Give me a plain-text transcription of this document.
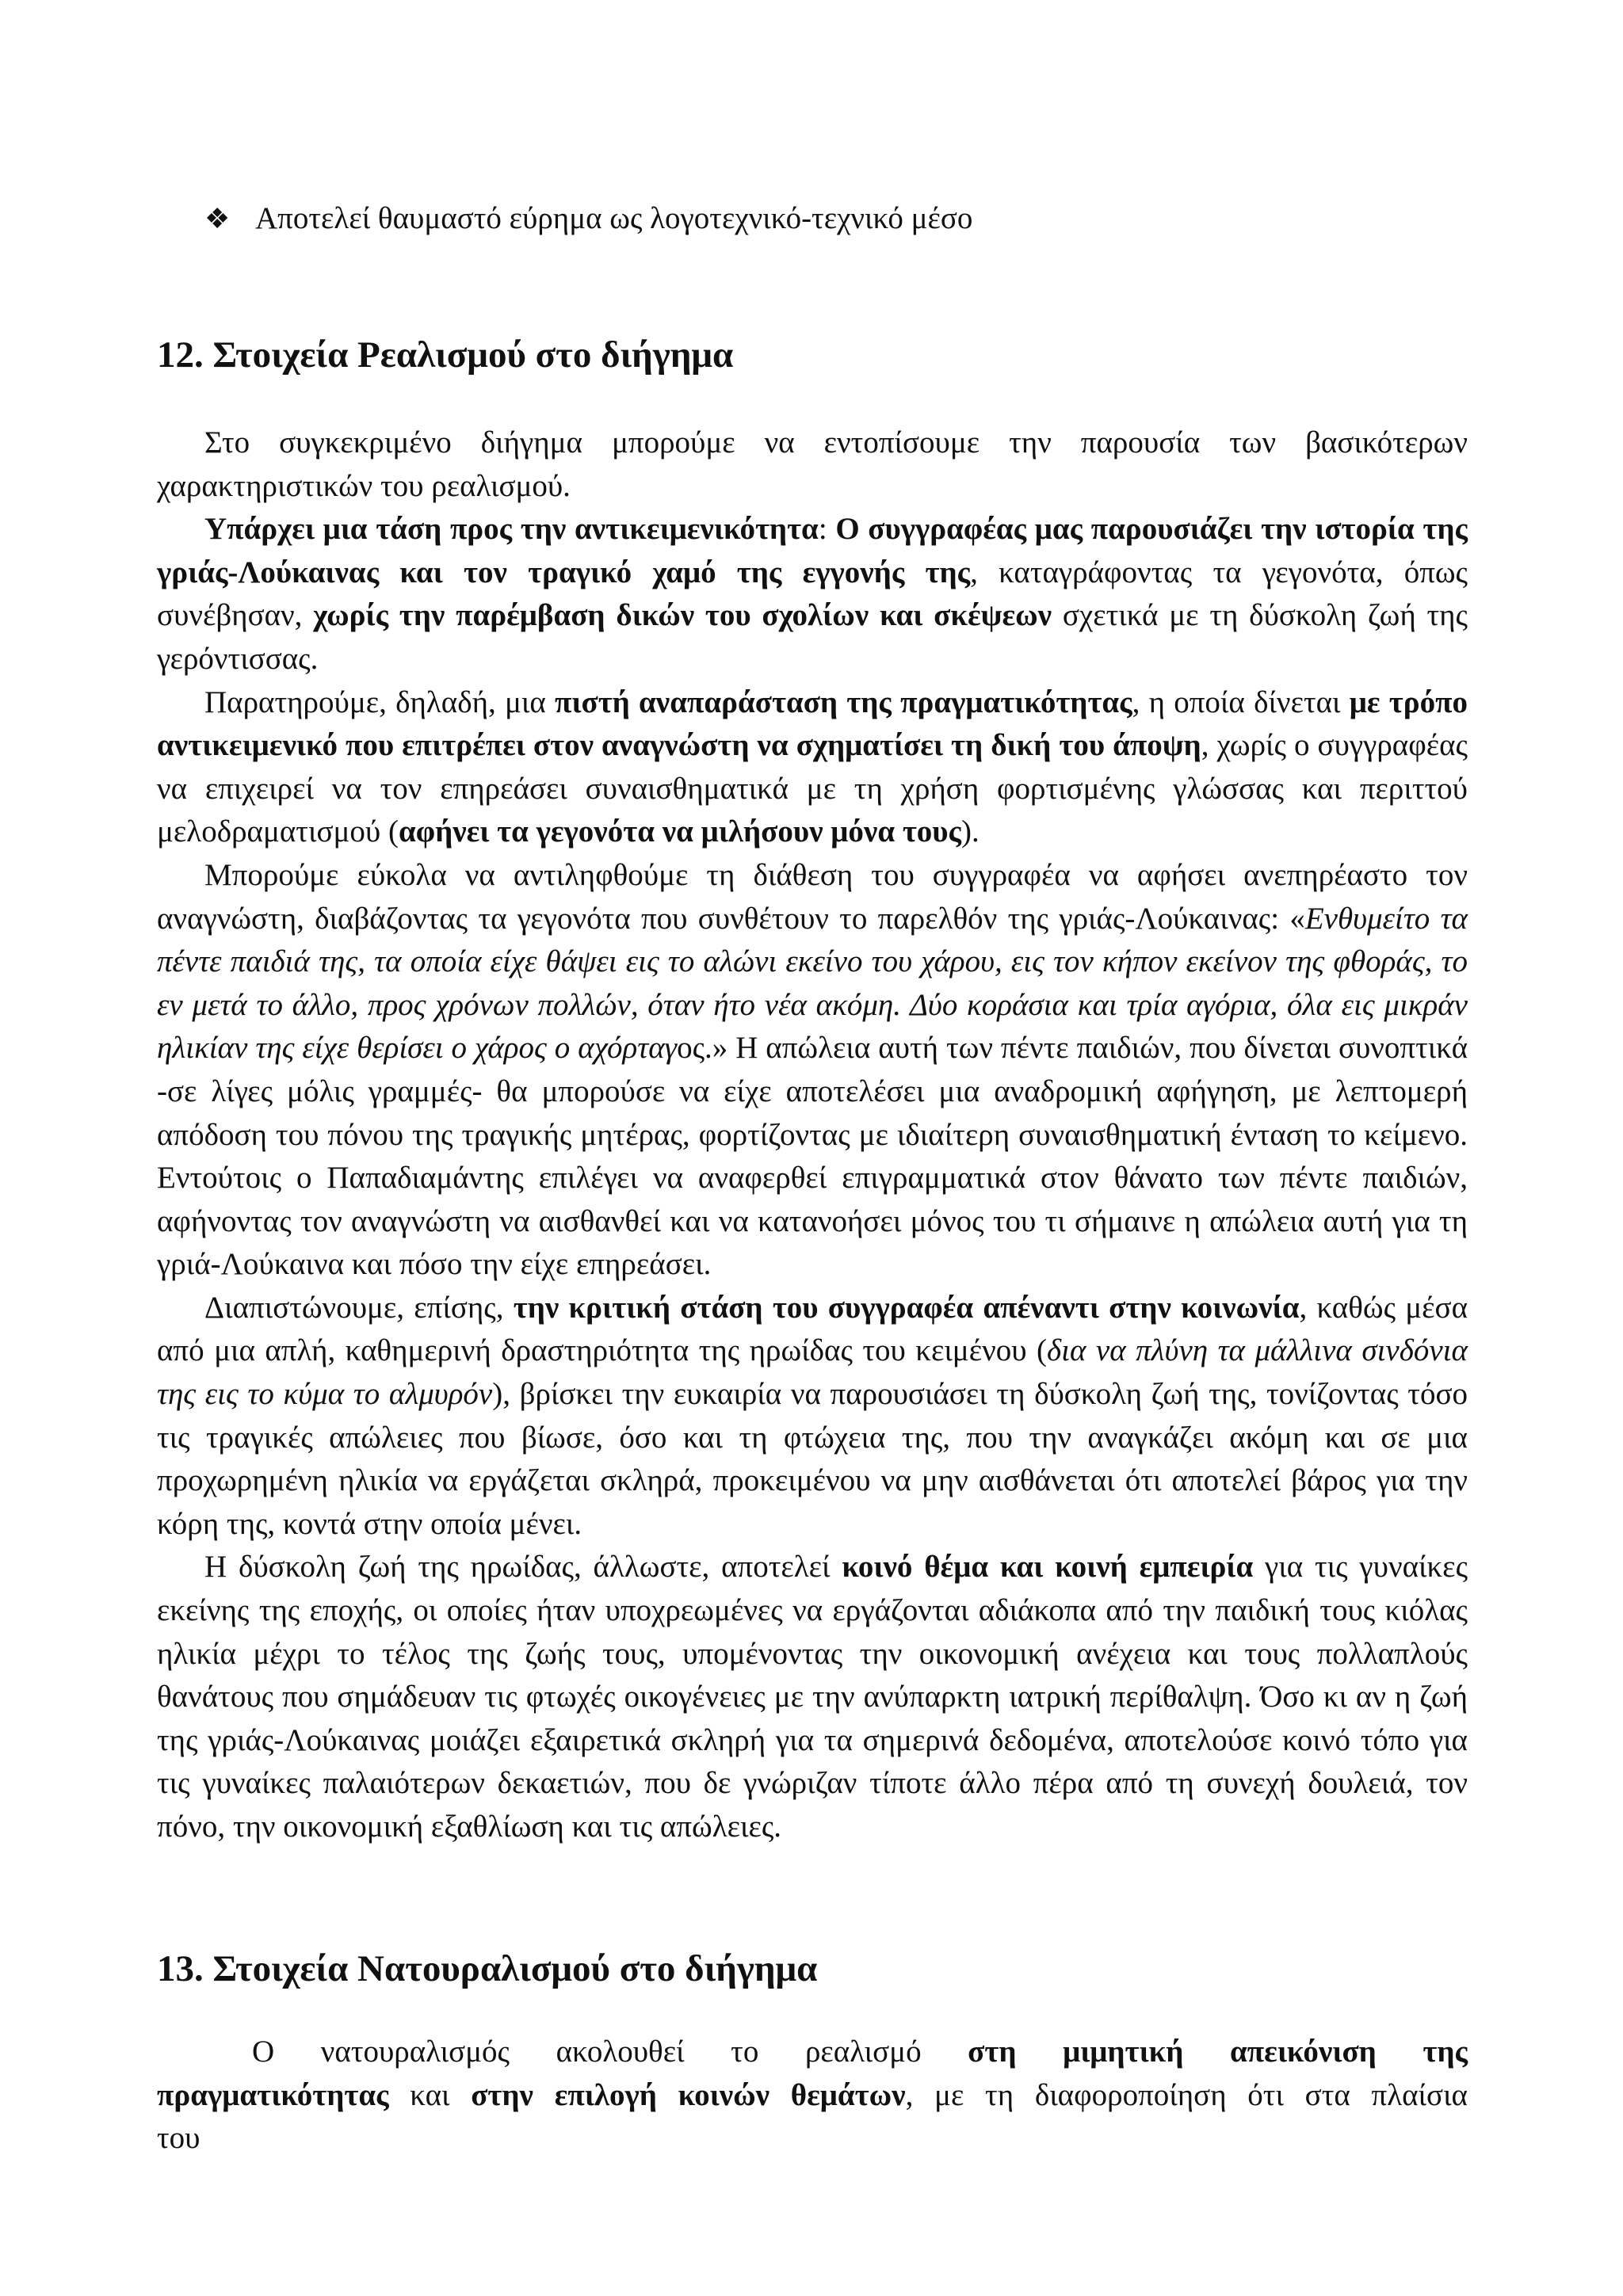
❖ Αποτελεί θαυμαστό εύρημα ως λογοτεχνικό-τεχνικό μέσο
12. Στοιχεία Ρεαλισμού στο διήγημα

Στο συγκεκριμένο διήγημα μπορούμε να εντοπίσουμε την παρουσία των βασικότερων χαρακτηριστικών του ρεαλισμού.

Υπάρχει μια τάση προς την αντικειμενικότητα: Ο συγγραφέας μας παρουσιάζει την ιστορία της γριάς-Λούκαινας και τον τραγικό χαμό της εγγονής της, καταγράφοντας τα γεγονότα, όπως συνέβησαν, χωρίς την παρέμβαση δικών του σχολίων και σκέψεων σχετικά με τη δύσκολη ζωή της γερόντισσας.

Παρατηρούμε, δηλαδή, μια πιστή αναπαράσταση της πραγματικότητας, η οποία δίνεται με τρόπο αντικειμενικό που επιτρέπει στον αναγνώστη να σχηματίσει τη δική του άποψη, χωρίς ο συγγραφέας να επιχειρεί να τον επηρεάσει συναισθηματικά με τη χρήση φορτισμένης γλώσσας και περιττού μελοδραματισμού (αφήνει τα γεγονότα να μιλήσουν μόνα τους).

Μπορούμε εύκολα να αντιληφθούμε τη διάθεση του συγγραφέα να αφήσει ανεπηρέαστο τον αναγνώστη, διαβάζοντας τα γεγονότα που συνθέτουν το παρελθόν της γριάς-Λούκαινας: «Ενθυμείτο τα πέντε παιδιά της, τα οποία είχε θάψει εις το αλώνι εκείνο του χάρου, εις τον κήπον εκείνον της φθοράς, το εν μετά το άλλο, προς χρόνων πολλών, όταν ήτο νέα ακόμη. Δύο κοράσια και τρία αγόρια, όλα εις μικράν ηλικίαν της είχε θερίσει ο χάρος ο αχόρταγος.» Η απώλεια αυτή των πέντε παιδιών, που δίνεται συνοπτικά -σε λίγες μόλις γραμμές- θα μπορούσε να είχε αποτελέσει μια αναδρομική αφήγηση, με λεπτομερή απόδοση του πόνου της τραγικής μητέρας, φορτίζοντας με ιδιαίτερη συναισθηματική ένταση το κείμενο. Εντούτοις ο Παπαδιαμάντης επιλέγει να αναφερθεί επιγραμματικά στον θάνατο των πέντε παιδιών, αφήνοντας τον αναγνώστη να αισθανθεί και να κατανοήσει μόνος του τι σήμαινε η απώλεια αυτή για τη γριά-Λούκαινα και πόσο την είχε επηρεάσει.

Διαπιστώνουμε, επίσης, την κριτική στάση του συγγραφέα απέναντι στην κοινωνία, καθώς μέσα από μια απλή, καθημερινή δραστηριότητα της ηρωίδας του κειμένου (δια να πλύνη τα μάλλινα σινδόνια της εις το κύμα το αλμυρόν), βρίσκει την ευκαιρία να παρουσιάσει τη δύσκολη ζωή της, τονίζοντας τόσο τις τραγικές απώλειες που βίωσε, όσο και τη φτώχεια της, που την αναγκάζει ακόμη και σε μια προχωρημένη ηλικία να εργάζεται σκληρά, προκειμένου να μην αισθάνεται ότι αποτελεί βάρος για την κόρη της, κοντά στην οποία μένει.

Η δύσκολη ζωή της ηρωίδας, άλλωστε, αποτελεί κοινό θέμα και κοινή εμπειρία για τις γυναίκες εκείνης της εποχής, οι οποίες ήταν υποχρεωμένες να εργάζονται αδιάκοπα από την παιδική τους κιόλας ηλικία μέχρι το τέλος της ζωής τους, υπομένοντας την οικονομική ανέχεια και τους πολλαπλούς θανάτους που σημάδευαν τις φτωχές οικογένειες με την ανύπαρκτη ιατρική περίθαλψη. Όσο κι αν η ζωή της γριάς-Λούκαινας μοιάζει εξαιρετικά σκληρή για τα σημερινά δεδομένα, αποτελούσε κοινό τόπο για τις γυναίκες παλαιότερων δεκαετιών, που δε γνώριζαν τίποτε άλλο πέρα από τη συνεχή δουλειά, τον πόνο, την οικονομική εξαθλίωση και τις απώλειες.

13. Στοιχεία Νατουραλισμού στο διήγημα

Ο νατουραλισμός ακολουθεί το ρεαλισμό στη μιμητική απεικόνιση της πραγματικότητας και στην επιλογή κοινών θεμάτων, με τη διαφοροποίηση ότι στα πλαίσια του
